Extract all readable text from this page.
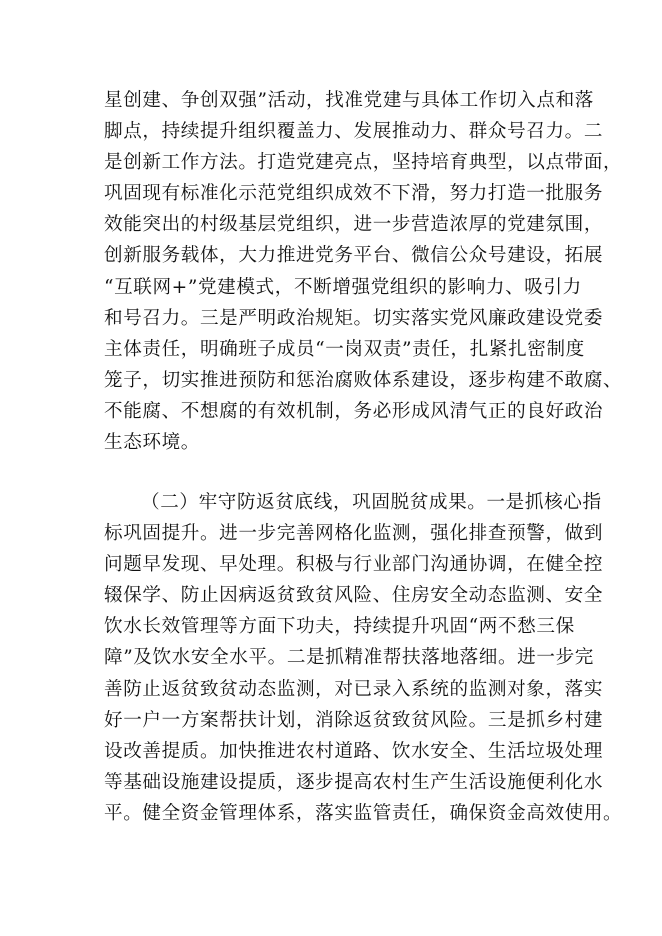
星创建、争创双强”活动，找准党建与具体工作切入点和落
脚点，持续提升组织覆盖力、发展推动力、群众号召力。二
是创新工作方法。打造党建亮点，坚持培育典型，以点带面，
巩固现有标准化示范党组织成效不下滑，努力打造一批服务
效能突出的村级基层党组织，进一步营造浓厚的党建氛围，
创新服务载体，大力推进党务平台、微信公众号建设，拓展
“互联网+”党建模式，不断增强党组织的影响力、吸引力
和号召力。三是严明政治规矩。切实落实党风廉政建设党委
主体责任，明确班子成员“一岗双责”责任，扎紧扎密制度
笼子，切实推进预防和惩治腐败体系建设，逐步构建不敢腐、
不能腐、不想腐的有效机制，务必形成风清气正的良好政治
生态环境。
（二）牢守防返贫底线，巩固脱贫成果。一是抓核心指
标巩固提升。进一步完善网格化监测，强化排查预警，做到
问题早发现、早处理。积极与行业部门沟通协调，在健全控
辍保学、防止因病返贫致贫风险、住房安全动态监测、安全
饮水长效管理等方面下功夫，持续提升巩固“两不愁三保
障”及饮水安全水平。二是抓精准帮扶落地落细。进一步完
善防止返贫致贫动态监测，对已录入系统的监测对象，落实
好一户一方案帮扶计划，消除返贫致贫风险。三是抓乡村建
设改善提质。加快推进农村道路、饮水安全、生活垃圾处理
等基础设施建设提质，逐步提高农村生产生活设施便利化水
平。健全资金管理体系，落实监管责任，确保资金高效使用。
